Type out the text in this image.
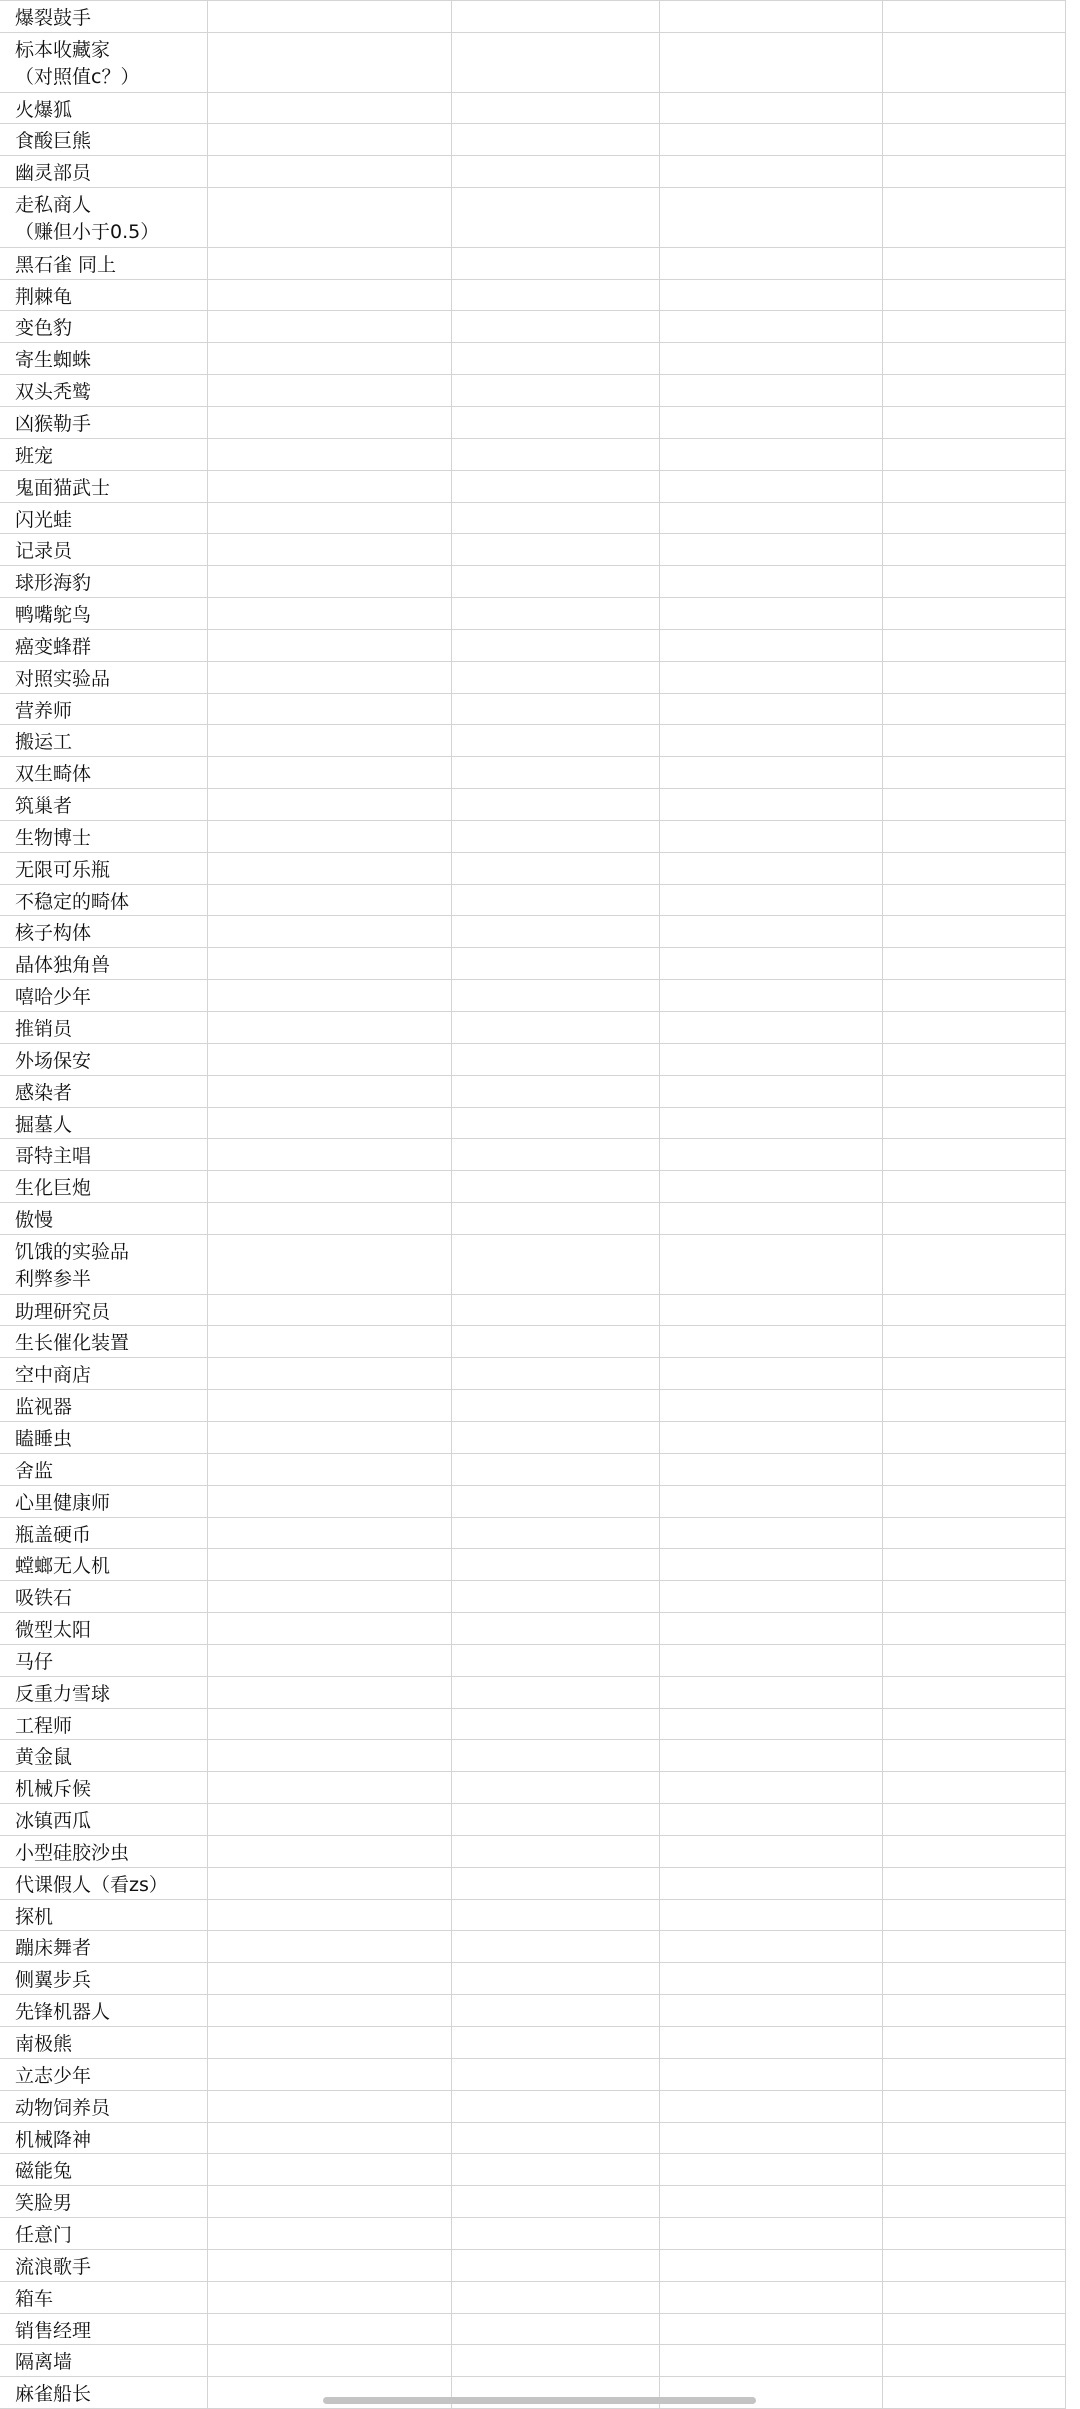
爆裂鼓手
标本收藏家
（对照值c？）
火爆狐
食酸巨熊
幽灵部员
走私商人
（赚但小于0.5）
黑石雀 同上
荆棘龟
变色豹
寄生蜘蛛
双头秃鹫
凶猴勒手
班宠
鬼面猫武士
闪光蛙
记录员
球形海豹
鸭嘴鸵鸟
癌变蜂群
对照实验品
营养师
搬运工
双生畸体
筑巢者
生物博士
无限可乐瓶
不稳定的畸体
核子构体
晶体独角兽
嘻哈少年
推销员
外场保安
感染者
掘墓人
哥特主唱
生化巨炮
傲慢
饥饿的实验品
利弊参半
助理研究员
生长催化装置
空中商店
监视器
瞌睡虫
舍监
心里健康师
瓶盖硬币
螳螂无人机
吸铁石
微型太阳
马仔
反重力雪球
工程师
黄金鼠
机械斥候
冰镇西瓜
小型硅胶沙虫
代课假人（看zs）
探机
蹦床舞者
侧翼步兵
先锋机器人
南极熊
立志少年
动物饲养员
机械降神
磁能兔
笑脸男
任意门
流浪歌手
箱车
销售经理
隔离墙
麻雀船长
